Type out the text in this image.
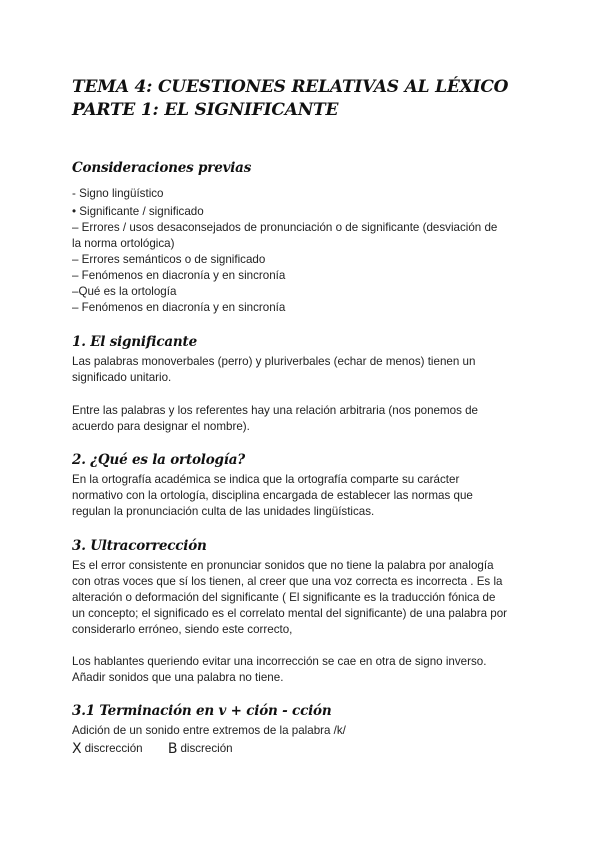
TEMA 4: CUESTIONES RELATIVAS AL LÉXICO PARTE 1: EL SIGNIFICANTE
Consideraciones previas
- Signo lingüístico
• Significante / significado
– Errores / usos desaconsejados de pronunciación o de significante (desviación de
la norma ortológica)
– Errores semánticos o de significado
– Fenómenos en diacronía y en sincronía
–Qué es la ortología
– Fenómenos en diacronía y en sincronía
1. El significante
Las palabras monoverbales (perro) y pluriverbales (echar de menos) tienen un
significado unitario.
Entre las palabras y los referentes hay una relación arbitraria (nos ponemos de
acuerdo para designar el nombre).
2. ¿Qué es la ortología?
En la ortografía académica se indica que la ortografía comparte su carácter
normativo con la ortología, disciplina encargada de establecer las normas que
regulan la pronunciación culta de las unidades lingüísticas.
3. Ultracorrección
Es el error consistente en pronunciar sonidos que no tiene la palabra por analogía
con otras voces que sí los tienen, al creer que una voz correcta es incorrecta . Es la
alteración o deformación del significante ( El significante es la traducción fónica de
un concepto; el significado es el correlato mental del significante) de una palabra por
considerarlo erróneo, siendo este correcto,
Los hablantes queriendo evitar una incorrección se cae en otra de signo inverso.
Añadir sonidos que una palabra no tiene.
3.1 Terminación en v + ción - cción
Adición de un sonido entre extremos de la palabra /k/
X discrección B discreción
